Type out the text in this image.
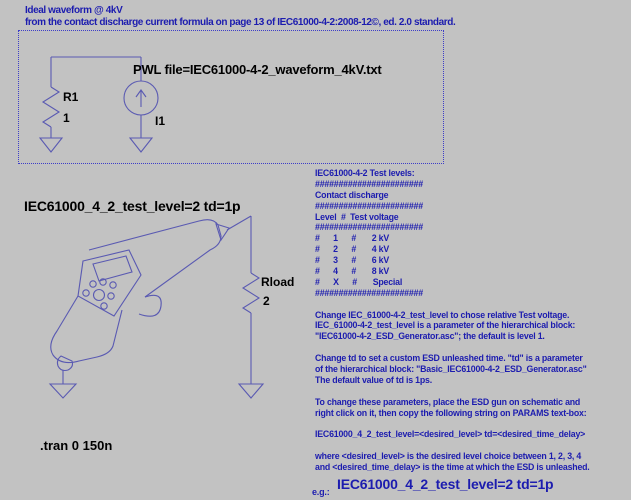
Ideal waveform @ 4kV
from the contact discharge current formula on page 13 of IEC61000-4-2:2008-12©, ed. 2.0 standard.
PWL file=IEC61000-4-2_waveform_4kV.txt
R1
1	I1
Rload
2
IEC61000_4_2_test_level=2 td=1p
.tran 0 150n
IEC61000-4-2 Test levels:
#######################
Contact discharge
#######################
Level  #  Test voltage
#######################
#      1      #       2 kV
#      2      #       4 kV
#      3      #       6 kV
#      4      #       8 kV
#      X      #       Special
#######################
Change IEC_61000-4-2_test_level to chose relative Test voltage.
IEC_61000-4-2_test_level is a parameter of the hierarchical block:
"IEC61000-4-2_ESD_Generator.asc"; the default is level 1.
Change td to set a custom ESD unleashed time. "td" is a parameter
of the hierarchical block: "Basic_IEC61000-4-2_ESD_Generator.asc"
The default value of td is 1ps.
To change these parameters, place the ESD gun on schematic and
right click on it, then copy the following string on PARAMS text-box:
IEC61000_4_2_test_level=<desired_level> td=<desired_time_delay>
where <desired_level> is the desired level choice between 1, 2, 3, 4
and <desired_time_delay> is the time at which the ESD is unleashed.
e.g.: IEC61000_4_2_test_level=2 td=1p
